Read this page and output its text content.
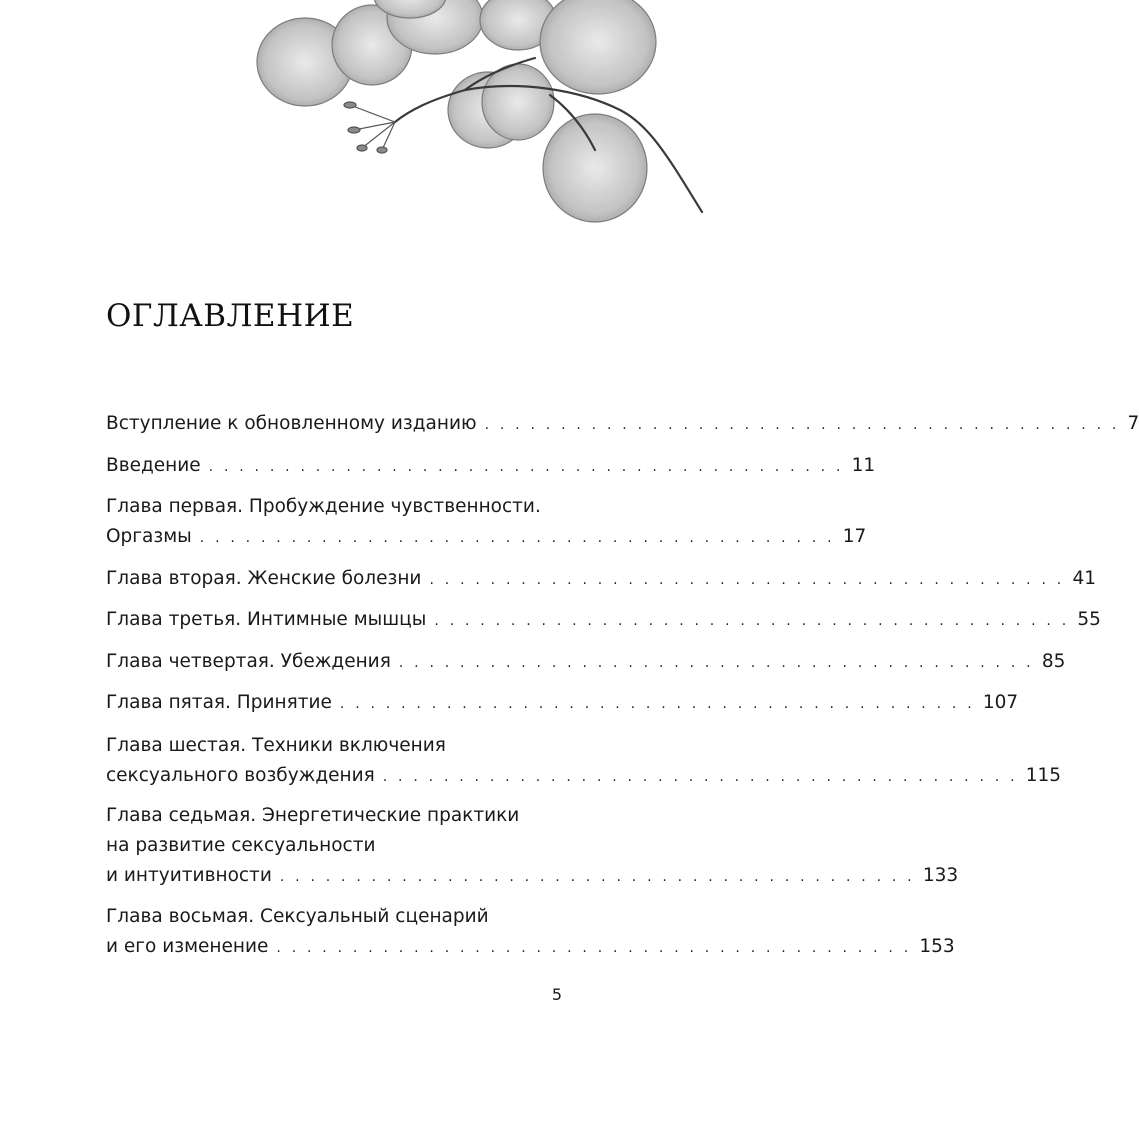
ОГЛАВЛЕНИЕ
Вступление к обновленному изданию . . . . . . . . . . . . . . . . . . . . . . . . . . . . . . . . . . . . . . . . . . 7
Введение . . . . . . . . . . . . . . . . . . . . . . . . . . . . . . . . . . . . . . . . . . 11
Глава первая. Пробуждение чувственности.
Оргазмы . . . . . . . . . . . . . . . . . . . . . . . . . . . . . . . . . . . . . . . . . . 17
Глава вторая. Женские болезни . . . . . . . . . . . . . . . . . . . . . . . . . . . . . . . . . . . . . . . . . . 41
Глава третья. Интимные мышцы . . . . . . . . . . . . . . . . . . . . . . . . . . . . . . . . . . . . . . . . . . 55
Глава четвертая. Убеждения . . . . . . . . . . . . . . . . . . . . . . . . . . . . . . . . . . . . . . . . . . 85
Глава пятая. Принятие . . . . . . . . . . . . . . . . . . . . . . . . . . . . . . . . . . . . . . . . . . 107
Глава шестая. Техники включения
сексуального возбуждения . . . . . . . . . . . . . . . . . . . . . . . . . . . . . . . . . . . . . . . . . . 115
Глава седьмая. Энергетические практики
на развитие сексуальности
и интуитивности . . . . . . . . . . . . . . . . . . . . . . . . . . . . . . . . . . . . . . . . . . 133
Глава восьмая. Сексуальный сценарий
и его изменение . . . . . . . . . . . . . . . . . . . . . . . . . . . . . . . . . . . . . . . . . . 153
5
